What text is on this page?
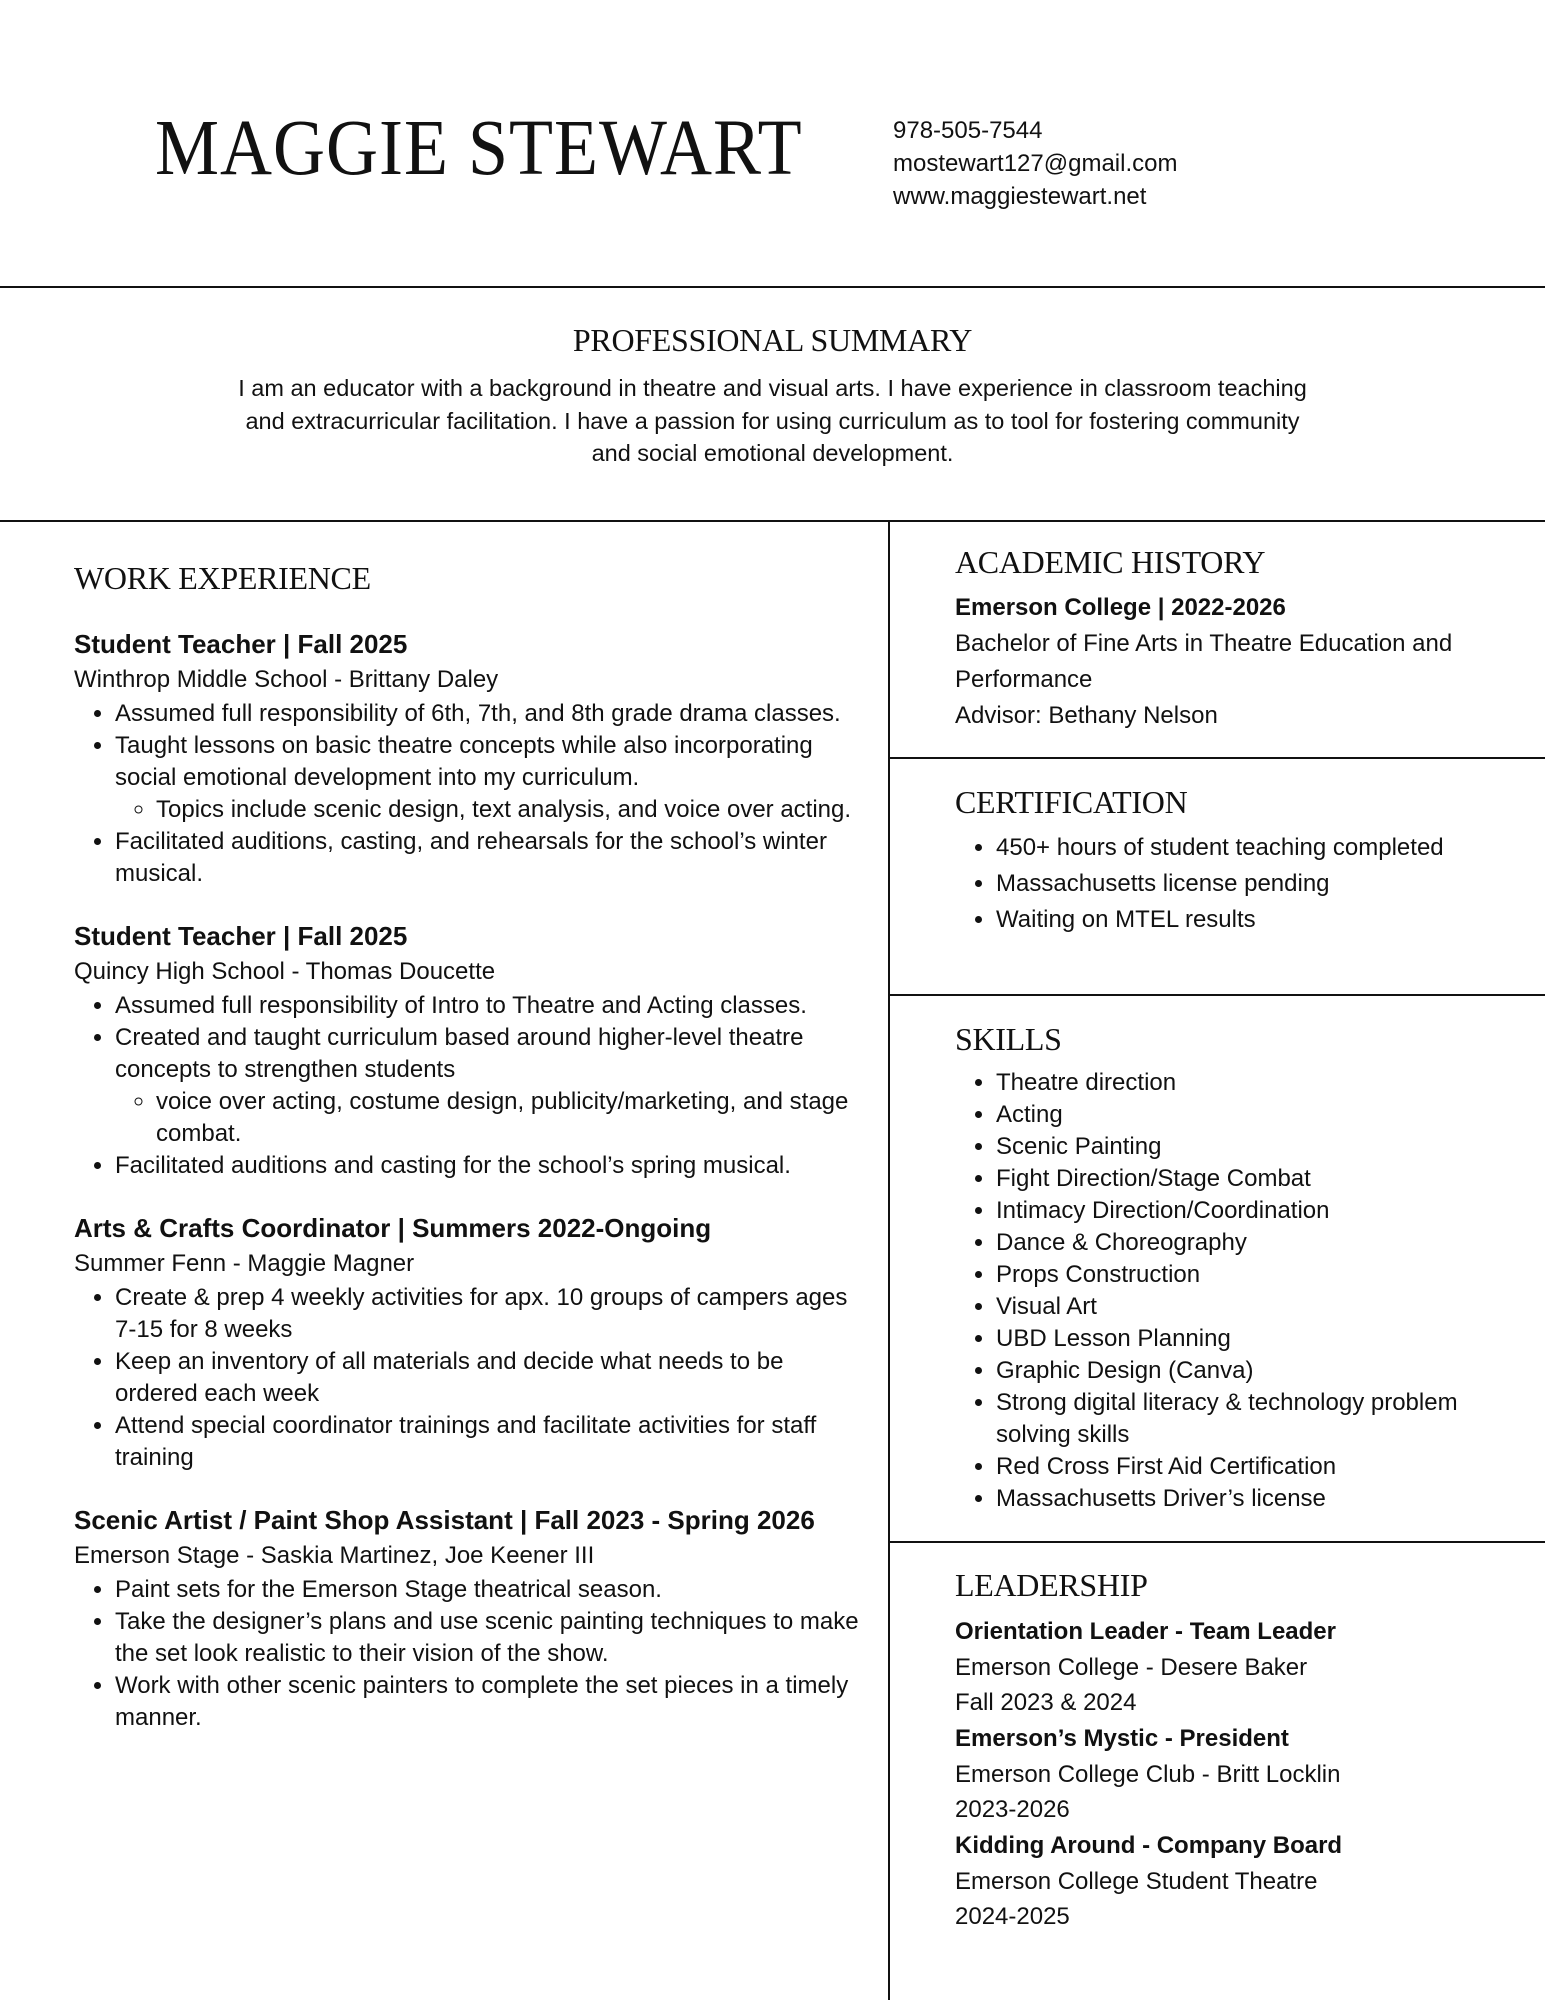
MAGGIE STEWART	978-505-7544
mostewart127@gmail.com
www.maggiestewart.net
PROFESSIONAL SUMMARY

I am an educator with a background in theatre and visual arts. I have experience in classroom teaching and extracurricular facilitation. I have a passion for using curriculum as to tool for fostering community and social emotional development.

WORK EXPERIENCE

Student Teacher | Fall 2025

Winthrop Middle School - Brittany Daley

• Assumed full responsibility of 6th, 7th, and 8th grade drama classes.
• Taught lessons on basic theatre concepts while also incorporating social emotional development into my curriculum.
◦ Topics include scenic design, text analysis, and voice over acting.
• Facilitated auditions, casting, and rehearsals for the school’s winter musical.

Student Teacher | Fall 2025

Quincy High School - Thomas Doucette

• Assumed full responsibility of Intro to Theatre and Acting classes.
• Created and taught curriculum based around higher-level theatre concepts to strengthen students
◦ voice over acting, costume design, publicity/marketing, and stage combat.
• Facilitated auditions and casting for the school’s spring musical.

Arts & Crafts Coordinator | Summers 2022-Ongoing

Summer Fenn - Maggie Magner

• Create & prep 4 weekly activities for apx. 10 groups of campers ages 7-15 for 8 weeks
• Keep an inventory of all materials and decide what needs to be ordered each week
• Attend special coordinator trainings and facilitate activities for staff training

Scenic Artist / Paint Shop Assistant | Fall 2023 - Spring 2026

Emerson Stage - Saskia Martinez, Joe Keener III

• Paint sets for the Emerson Stage theatrical season.
• Take the designer’s plans and use scenic painting techniques to make the set look realistic to their vision of the show.
• Work with other scenic painters to complete the set pieces in a timely manner.
ACADEMIC HISTORY

Emerson College | 2022-2026

Bachelor of Fine Arts in Theatre Education and Performance

Advisor: Bethany Nelson

CERTIFICATION
• 450+ hours of student teaching completed
• Massachusetts license pending
• Waiting on MTEL results
SKILLS
• Theatre direction
• Acting
• Scenic Painting
• Fight Direction/Stage Combat
• Intimacy Direction/Coordination
• Dance & Choreography
• Props Construction
• Visual Art
• UBD Lesson Planning
• Graphic Design (Canva)
• Strong digital literacy & technology problem solving skills
• Red Cross First Aid Certification
• Massachusetts Driver’s license
LEADERSHIP

Orientation Leader - Team Leader

Emerson College - Desere Baker

Fall 2023 & 2024

Emerson’s Mystic - President

Emerson College Club - Britt Locklin

2023-2026

Kidding Around - Company Board

Emerson College Student Theatre

2024-2025
